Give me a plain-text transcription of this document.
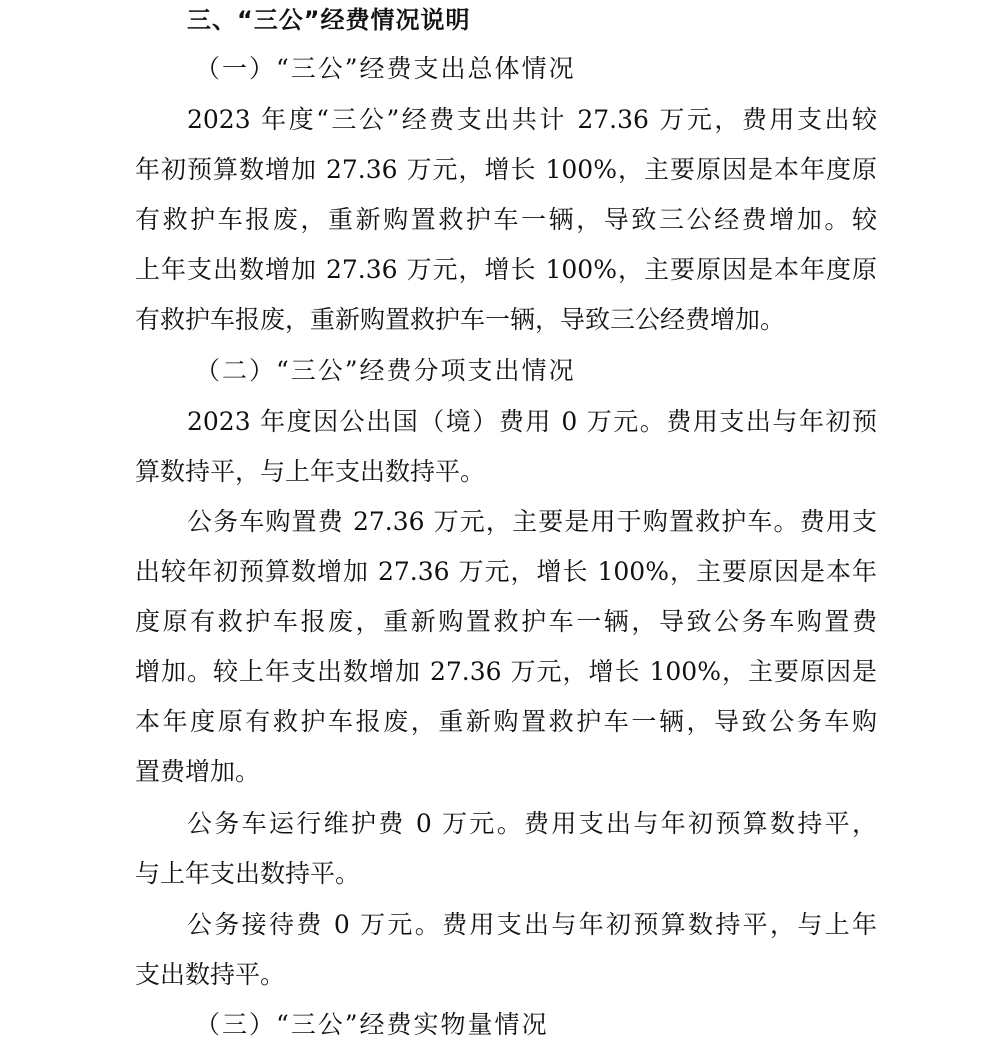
三、“三公”经费情况说明
（一）“三公”经费支出总体情况
2023 年度“三公”经费支出共计 27.36 万元，费用支出较
年初预算数增加 27.36 万元，增长 100%，主要原因是本年度原
有救护车报废，重新购置救护车一辆，导致三公经费增加。较
上年支出数增加 27.36 万元，增长 100%，主要原因是本年度原
有救护车报废，重新购置救护车一辆，导致三公经费增加。
（二）“三公”经费分项支出情况
2023 年度因公出国（境）费用 0 万元。费用支出与年初预
算数持平，与上年支出数持平。
公务车购置费 27.36 万元，主要是用于购置救护车。费用支
出较年初预算数增加 27.36 万元，增长 100%，主要原因是本年
度原有救护车报废，重新购置救护车一辆，导致公务车购置费
增加。较上年支出数增加 27.36 万元，增长 100%，主要原因是
本年度原有救护车报废，重新购置救护车一辆，导致公务车购
置费增加。
公务车运行维护费 0 万元。费用支出与年初预算数持平，
与上年支出数持平。
公务接待费 0 万元。费用支出与年初预算数持平，与上年
支出数持平。
（三）“三公”经费实物量情况
